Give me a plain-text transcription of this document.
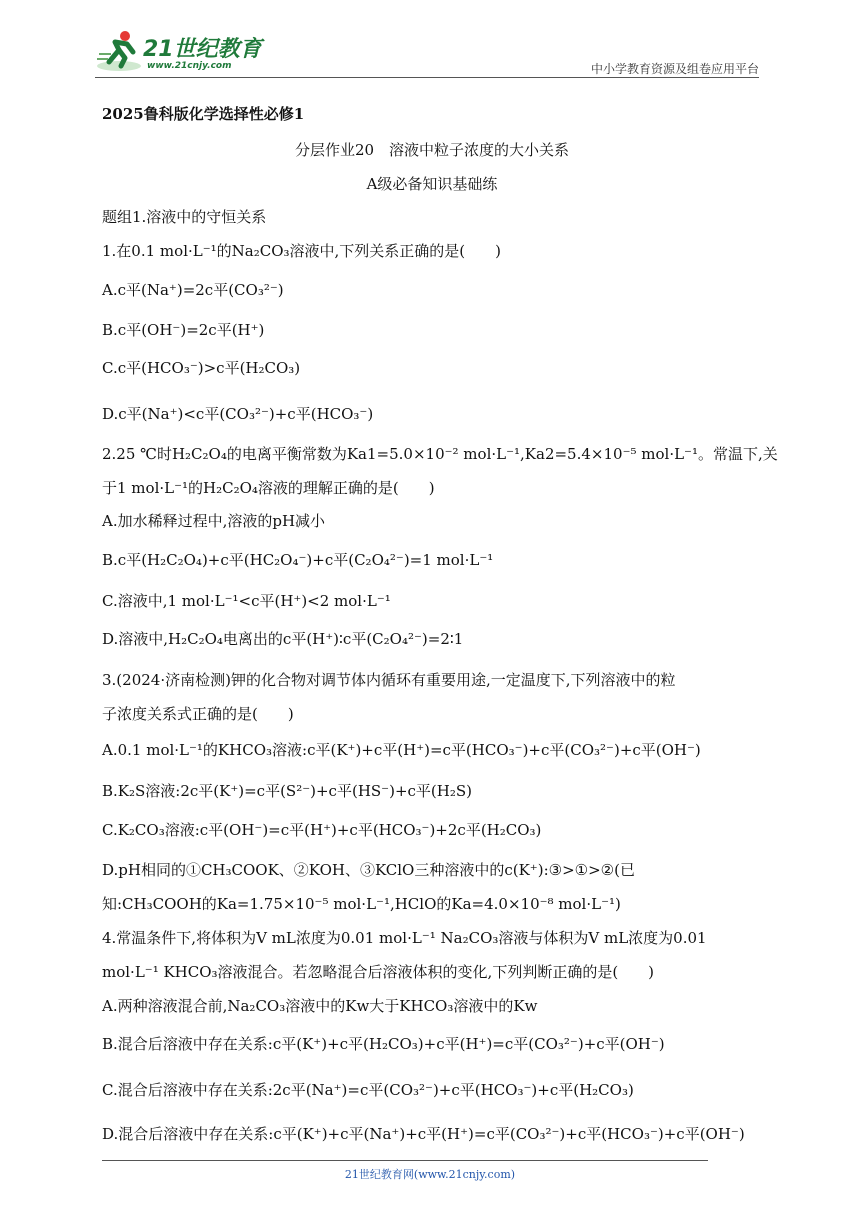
21世纪教育
www.21cnjy.com	中小学教育资源及组卷应用平台
2025鲁科版化学选择性必修1
分层作业20　溶液中粒子浓度的大小关系
A级必备知识基础练
题组1.溶液中的守恒关系
1.在0.1 mol·L⁻¹的Na₂CO₃溶液中,下列关系正确的是(　　)
A.c平(Na⁺)=2c平(CO₃²⁻)
B.c平(OH⁻)=2c平(H⁺)
C.c平(HCO₃⁻)>c平(H₂CO₃)
D.c平(Na⁺)<c平(CO₃²⁻)+c平(HCO₃⁻)
2.25 ℃时H₂C₂O₄的电离平衡常数为Ka1=5.0×10⁻² mol·L⁻¹,Ka2=5.4×10⁻⁵ mol·L⁻¹。常温下,关
于1 mol·L⁻¹的H₂C₂O₄溶液的理解正确的是(　　)
A.加水稀释过程中,溶液的pH减小
B.c平(H₂C₂O₄)+c平(HC₂O₄⁻)+c平(C₂O₄²⁻)=1 mol·L⁻¹
C.溶液中,1 mol·L⁻¹<c平(H⁺)<2 mol·L⁻¹
D.溶液中,H₂C₂O₄电离出的c平(H⁺)∶c平(C₂O₄²⁻)=2∶1
3.(2024·济南检测)钾的化合物对调节体内循环有重要用途,一定温度下,下列溶液中的粒
子浓度关系式正确的是(　　)
A.0.1 mol·L⁻¹的KHCO₃溶液:c平(K⁺)+c平(H⁺)=c平(HCO₃⁻)+c平(CO₃²⁻)+c平(OH⁻)
B.K₂S溶液:2c平(K⁺)=c平(S²⁻)+c平(HS⁻)+c平(H₂S)
C.K₂CO₃溶液:c平(OH⁻)=c平(H⁺)+c平(HCO₃⁻)+2c平(H₂CO₃)
D.pH相同的①CH₃COOK、②KOH、③KClO三种溶液中的c(K⁺):③>①>②(已
知:CH₃COOH的Ka=1.75×10⁻⁵ mol·L⁻¹,HClO的Ka=4.0×10⁻⁸ mol·L⁻¹)
4.常温条件下,将体积为V mL浓度为0.01 mol·L⁻¹ Na₂CO₃溶液与体积为V mL浓度为0.01
mol·L⁻¹ KHCO₃溶液混合。若忽略混合后溶液体积的变化,下列判断正确的是(　　)
A.两种溶液混合前,Na₂CO₃溶液中的Kw大于KHCO₃溶液中的Kw
B.混合后溶液中存在关系:c平(K⁺)+c平(H₂CO₃)+c平(H⁺)=c平(CO₃²⁻)+c平(OH⁻)
C.混合后溶液中存在关系:2c平(Na⁺)=c平(CO₃²⁻)+c平(HCO₃⁻)+c平(H₂CO₃)
D.混合后溶液中存在关系:c平(K⁺)+c平(Na⁺)+c平(H⁺)=c平(CO₃²⁻)+c平(HCO₃⁻)+c平(OH⁻)
21世纪教育网(www.21cnjy.com)
